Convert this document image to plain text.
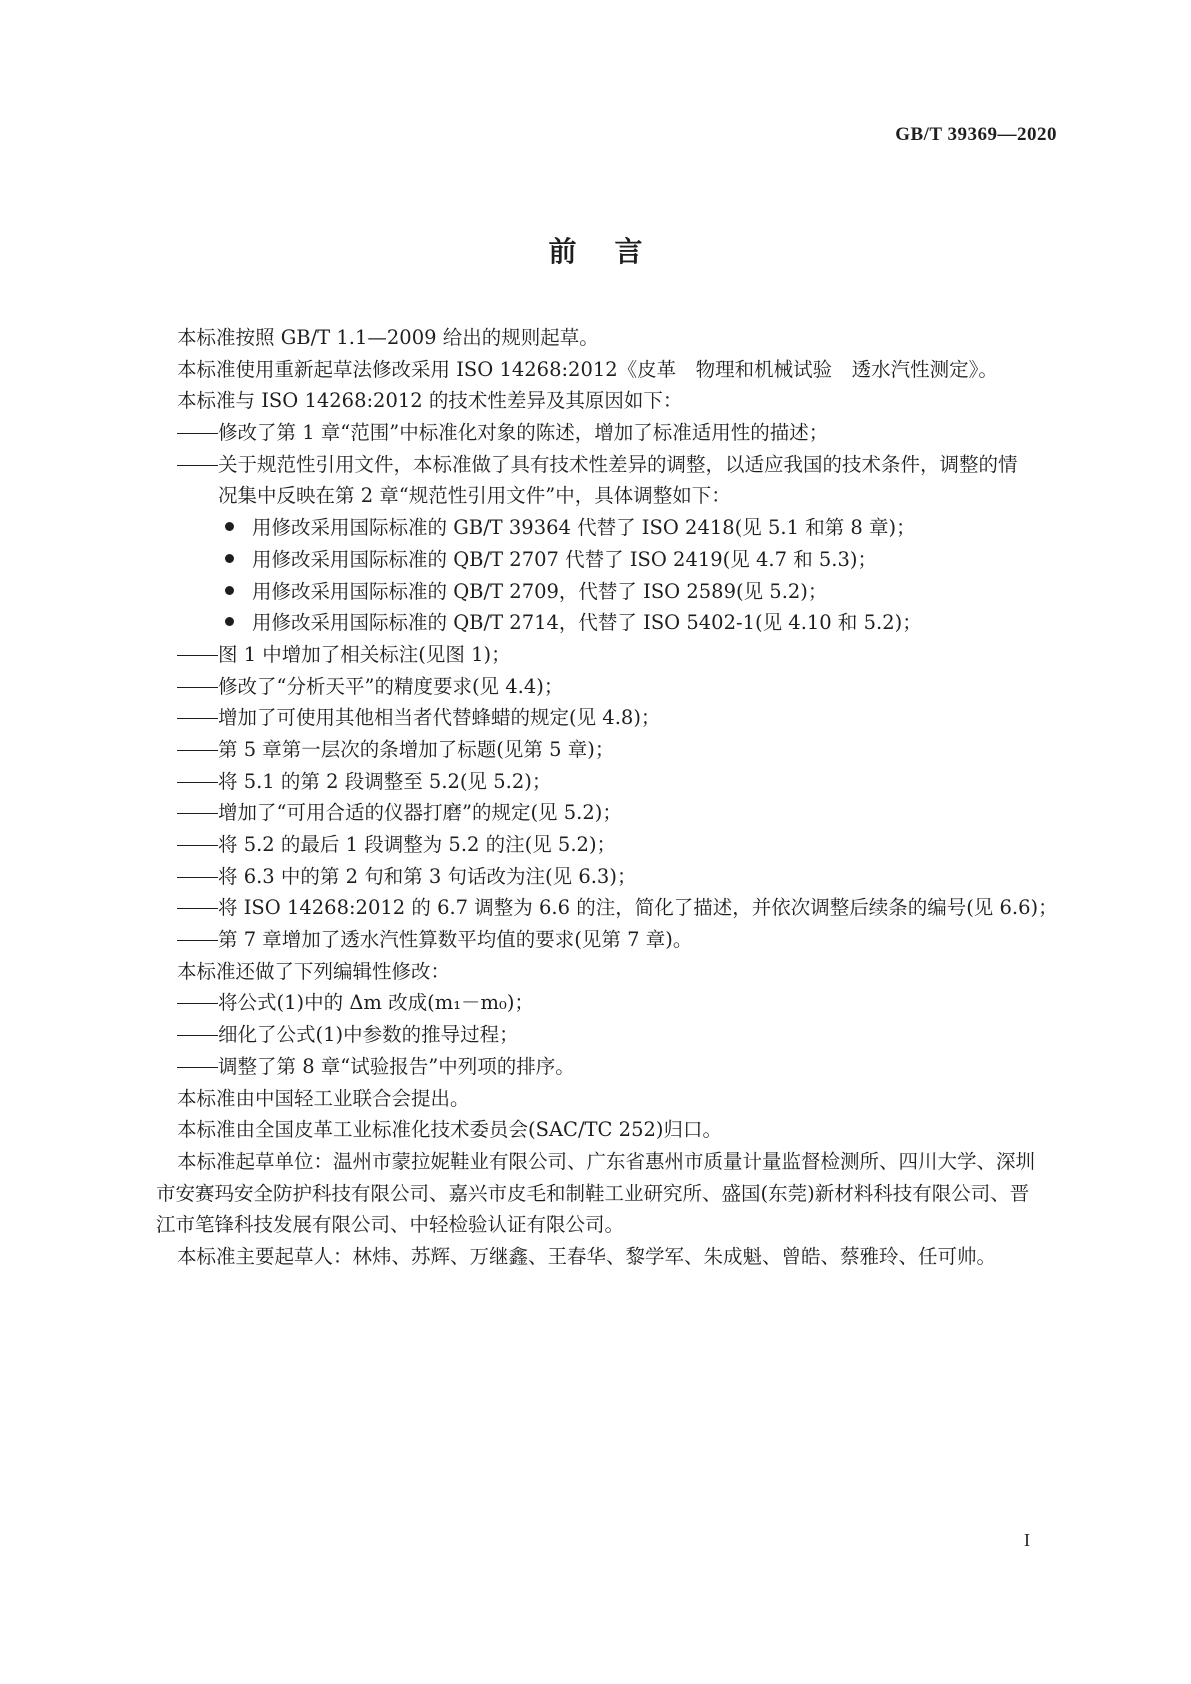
GB/T 39369—2020
前言
本标准按照 GB/T 1.1—2009 给出的规则起草。
本标准使用重新起草法修改采用 ISO 14268:2012《皮革　物理和机械试验　透水汽性测定》。
本标准与 ISO 14268:2012 的技术性差异及其原因如下：
修改了第 1 章“范围”中标准化对象的陈述，增加了标准适用性的描述；
关于规范性引用文件，本标准做了具有技术性差异的调整，以适应我国的技术条件，调整的情
况集中反映在第 2 章“规范性引用文件”中，具体调整如下：
用修改采用国际标准的 GB/T 39364 代替了 ISO 2418(见 5.1 和第 8 章)；
用修改采用国际标准的 QB/T 2707 代替了 ISO 2419(见 4.7 和 5.3)；
用修改采用国际标准的 QB/T 2709，代替了 ISO 2589(见 5.2)；
用修改采用国际标准的 QB/T 2714，代替了 ISO 5402-1(见 4.10 和 5.2)；
图 1 中增加了相关标注(见图 1)；
修改了“分析天平”的精度要求(见 4.4)；
增加了可使用其他相当者代替蜂蜡的规定(见 4.8)；
第 5 章第一层次的条增加了标题(见第 5 章)；
将 5.1 的第 2 段调整至 5.2(见 5.2)；
增加了“可用合适的仪器打磨”的规定(见 5.2)；
将 5.2 的最后 1 段调整为 5.2 的注(见 5.2)；
将 6.3 中的第 2 句和第 3 句话改为注(见 6.3)；
将 ISO 14268:2012 的 6.7 调整为 6.6 的注，简化了描述，并依次调整后续条的编号(见 6.6)；
第 7 章增加了透水汽性算数平均值的要求(见第 7 章)。
本标准还做了下列编辑性修改：
将公式(1)中的 Δm 改成(m₁－m₀)；
细化了公式(1)中参数的推导过程；
调整了第 8 章“试验报告”中列项的排序。
本标准由中国轻工业联合会提出。
本标准由全国皮革工业标准化技术委员会(SAC/TC 252)归口。
本标准起草单位：温州市蒙拉妮鞋业有限公司、广东省惠州市质量计量监督检测所、四川大学、深圳
市安赛玛安全防护科技有限公司、嘉兴市皮毛和制鞋工业研究所、盛国(东莞)新材料科技有限公司、晋
江市笔锋科技发展有限公司、中轻检验认证有限公司。
本标准主要起草人：林炜、苏辉、万继鑫、王春华、黎学军、朱成魁、曾皓、蔡雅玲、任可帅。
I
